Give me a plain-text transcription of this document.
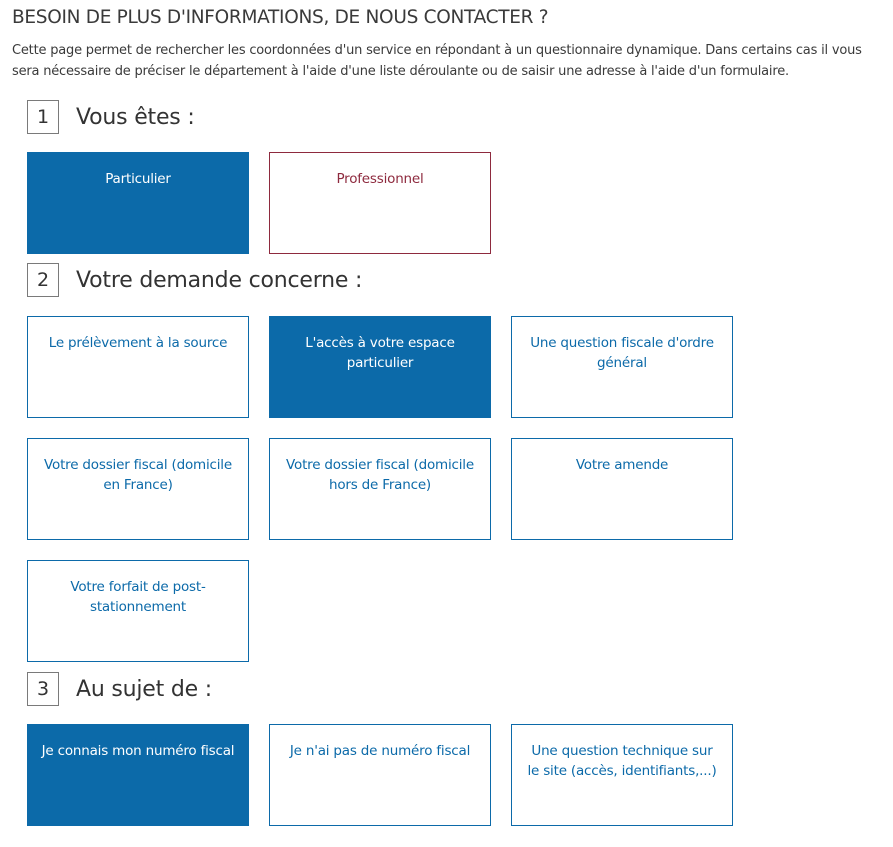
BESOIN DE PLUS D'INFORMATIONS, DE NOUS CONTACTER ?
Cette page permet de rechercher les coordonnées d'un service en répondant à un questionnaire dynamique. Dans certains cas il vous sera nécessaire de préciser le département à l'aide d'une liste déroulante ou de saisir une adresse à l'aide d'un formulaire.
1	Vous êtes :
Particulier	Professionnel
2	Votre demande concerne :
Le prélèvement à la source	L'accès à votre espace particulier
Une question fiscale d'ordre général
Votre dossier fiscal (domicile en France)
Votre dossier fiscal (domicile hors de France)
Votre amende
Votre forfait de post-stationnement
3	Au sujet de :
Je connais mon numéro fiscal	Je n'ai pas de numéro fiscal	Une question technique sur le site (accès, identifiants,...)
